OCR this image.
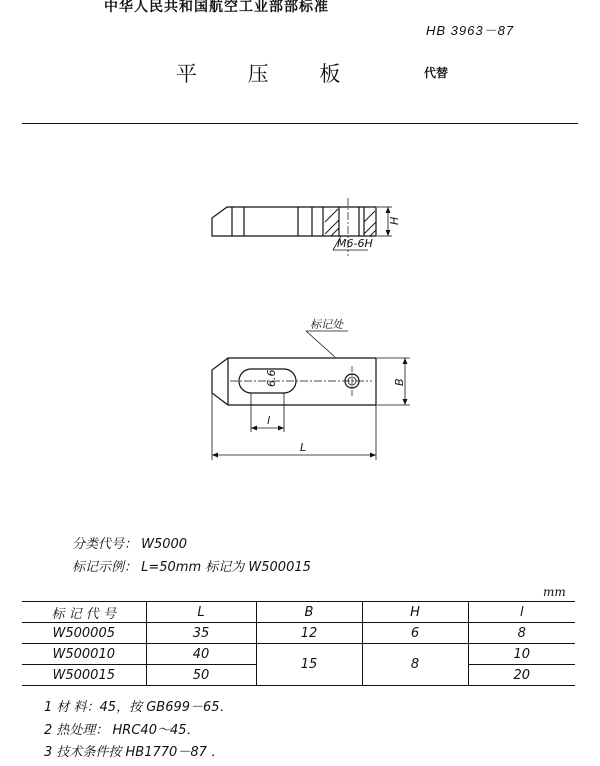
中华人民共和国航空工业部部标准
HB 3963－87
平 压 板	代替
H
M6-6H
标记处
6.6	B
l
L
分类代号： W5000
标记示例： L=50mm 标记为 W500015
mm
标 记 代 号	L	B	H	l
W500005	35	12	6	8
W500010	40	15	8	10
W500015	50			20
1 材 料：45，按 GB699－65．
2 热处理： HRC40～45．
3 技术条件按 HB1770－87 ．
